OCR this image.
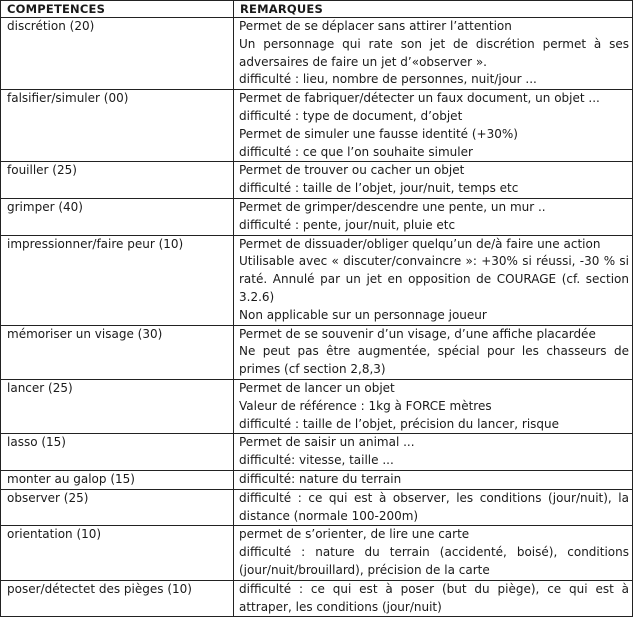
COMPETENCES	REMARQUES
discrétion (20)	Permet de se déplacer sans attirer l’attention
Un personnage qui rate son jet de discrétion permet à ses adversaires de faire un jet d’«observer ».
difficulté : lieu, nombre de personnes, nuit/jour ...

falsifier/simuler (00)	Permet de fabriquer/détecter un faux document, un objet ...
difficulté : type de document, d’objet
Permet de simuler une fausse identité (+30%)
difficulté : ce que l’on souhaite simuler

fouiller (25)	Permet de trouver ou cacher un objet
difficulté : taille de l’objet, jour/nuit, temps etc

grimper (40)	Permet de grimper/descendre une pente, un mur ..
difficulté : pente, jour/nuit, pluie etc

impressionner/faire peur (10)	Permet de dissuader/obliger quelqu’un de/à faire une action
Utilisable avec « discuter/convaincre »: +30% si réussi, -30 % si raté. Annulé par un jet en opposition de COURAGE (cf. section 3.2.6)
Non applicable sur un personnage joueur

mémoriser un visage (30)	Permet de se souvenir d’un visage, d’une affiche placardée
Ne peut pas être augmentée, spécial pour les chasseurs de primes (cf section 2,8,3)

lancer (25)	Permet de lancer un objet
Valeur de référence : 1kg à FORCE mètres
difficulté : taille de l’objet, précision du lancer, risque

lasso (15)	Permet de saisir un animal ...
difficulté: vitesse, taille ...

monter au galop (15)	difficulté: nature du terrain

observer (25)	difficulté : ce qui est à observer, les conditions (jour/nuit), la distance (normale 100-200m)

orientation (10)	permet de s’orienter, de lire une carte
difficulté : nature du terrain (accidenté, boisé), conditions (jour/nuit/brouillard), précision de la carte

poser/détectet des pièges (10)	difficulté : ce qui est à poser (but du piège), ce qui est à attraper, les conditions (jour/nuit)
